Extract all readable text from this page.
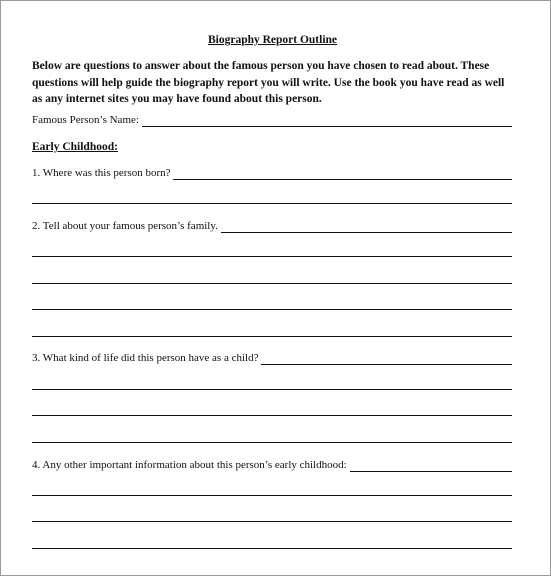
Biography Report Outline
Below are questions to answer about the famous person you have chosen to read about. These questions will help guide the biography report you will write. Use the book you have read as well as any internet sites you may have found about this person.
Famous Person’s Name:
Early Childhood:
1. Where was this person born?
2. Tell about your famous person’s family.
3. What kind of life did this person have as a child?
4. Any other important information about this person’s early childhood:
